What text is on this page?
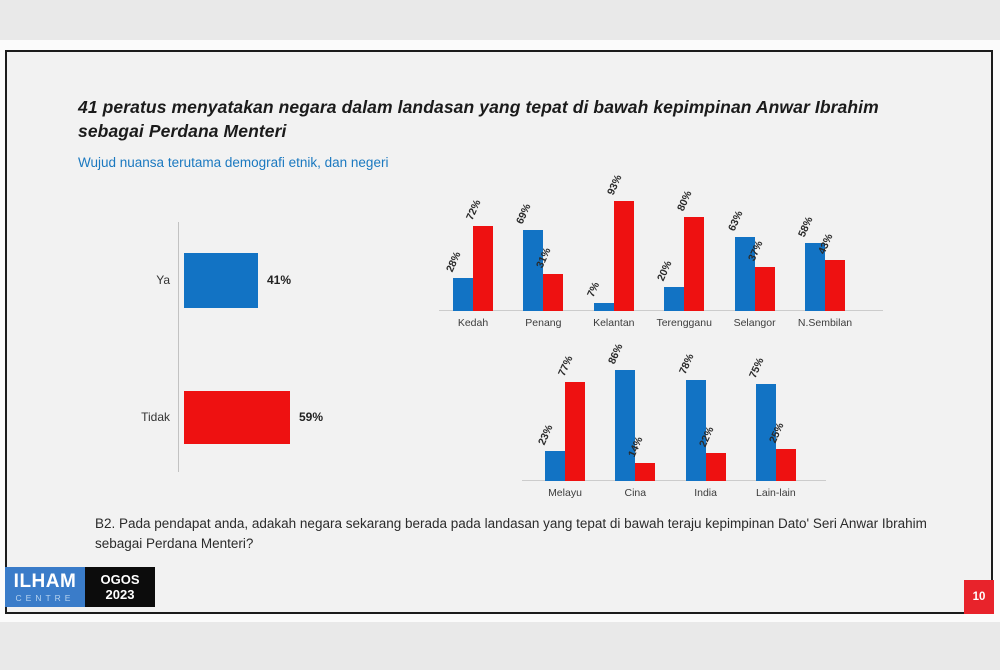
41 peratus menyatakan negara dalam landasan yang tepat di bawah kepimpinan Anwar Ibrahim sebagai Perdana Menteri
Wujud nuansa terutama demografi etnik, dan negeri
Ya	41%
Tidak	59%
28%
72%
Kedah
69%
31%
Penang
7%
93%
Kelantan
20%
80%
Terengganu
63%
37%
Selangor
58%
43%
N.Sembilan
23%
77%
Melayu
86%
14%
Cina
78%
22%
India
75%
25%
Lain-lain
B2. Pada pendapat anda, adakah negara sekarang berada pada landasan yang tepat di bawah teraju kepimpinan Dato' Seri Anwar Ibrahim sebagai Perdana Menteri?
ILHAM
CENTRE
OGOS
2023	10
